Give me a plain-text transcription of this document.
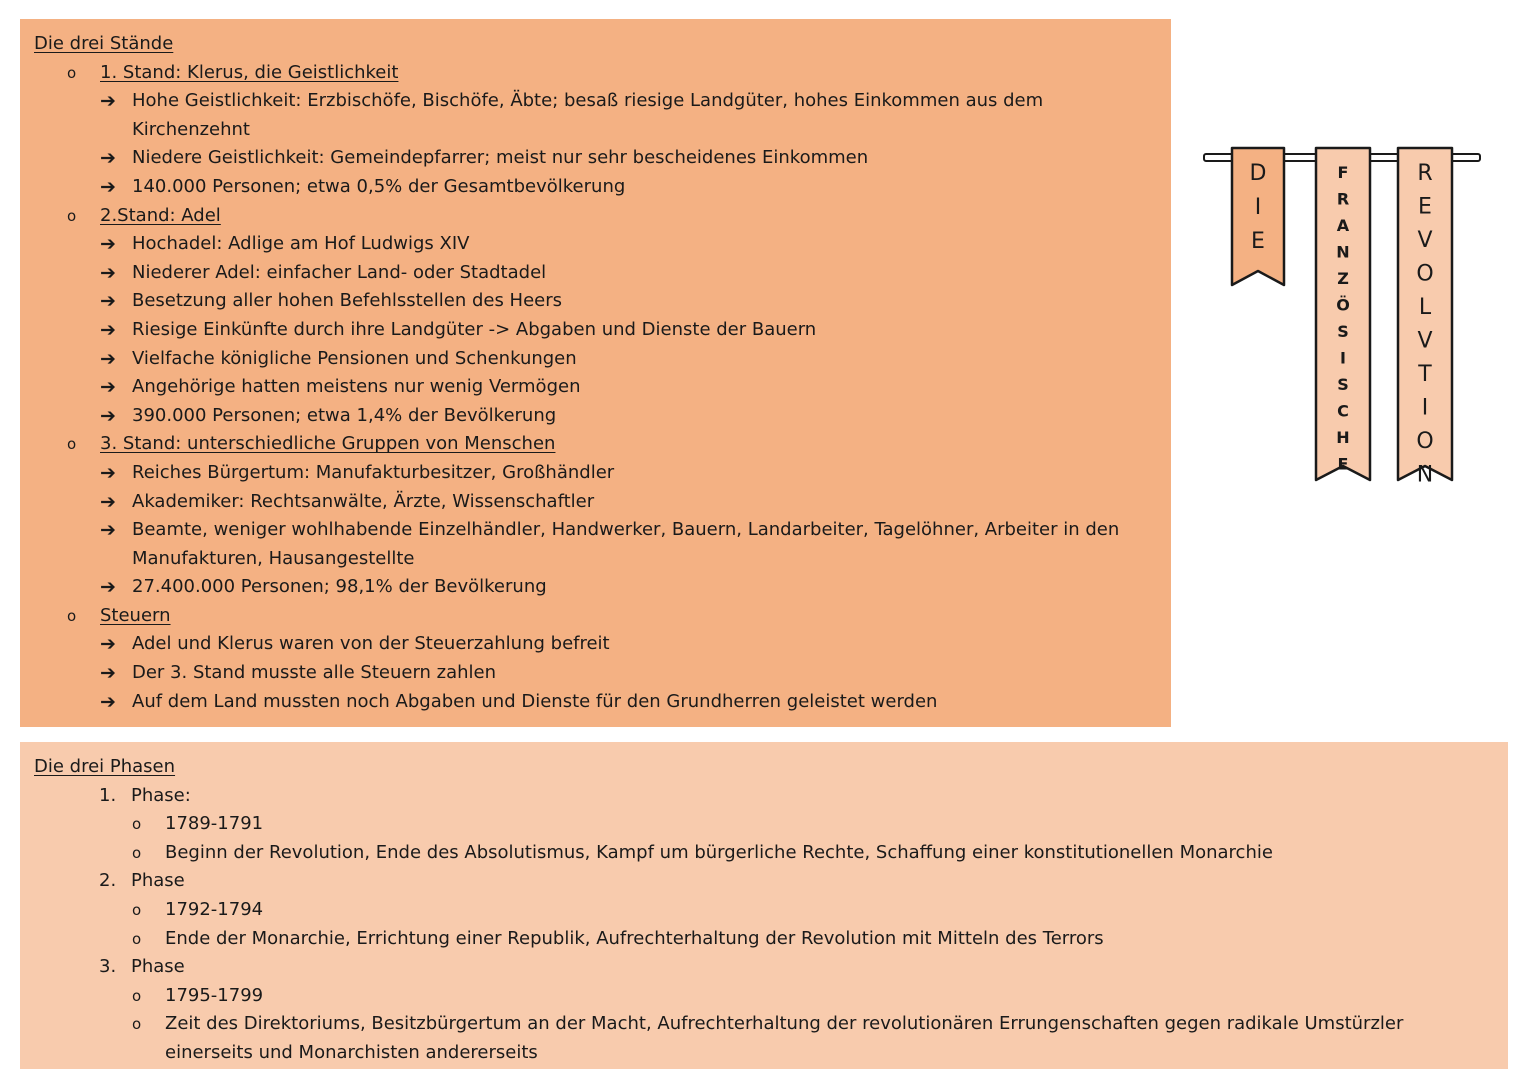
Die drei Stände
o 1. Stand: Klerus, die Geistlichkeit
➔ Hohe Geistlichkeit: Erzbischöfe, Bischöfe, Äbte; besaß riesige Landgüter, hohes Einkommen aus dem
Kirchenzehnt
➔ Niedere Geistlichkeit: Gemeindepfarrer; meist nur sehr bescheidenes Einkommen
➔ 140.000 Personen; etwa 0,5% der Gesamtbevölkerung
o 2.Stand: Adel
➔ Hochadel: Adlige am Hof Ludwigs XIV
➔ Niederer Adel: einfacher Land- oder Stadtadel
➔ Besetzung aller hohen Befehlsstellen des Heers
➔ Riesige Einkünfte durch ihre Landgüter -> Abgaben und Dienste der Bauern
➔ Vielfache königliche Pensionen und Schenkungen
➔ Angehörige hatten meistens nur wenig Vermögen
➔ 390.000 Personen; etwa 1,4% der Bevölkerung
o 3. Stand: unterschiedliche Gruppen von Menschen
➔ Reiches Bürgertum: Manufakturbesitzer, Großhändler
➔ Akademiker: Rechtsanwälte, Ärzte, Wissenschaftler
➔ Beamte, weniger wohlhabende Einzelhändler, Handwerker, Bauern, Landarbeiter, Tagelöhner, Arbeiter in den
Manufakturen, Hausangestellte
➔ 27.400.000 Personen; 98,1% der Bevölkerung
o Steuern
➔ Adel und Klerus waren von der Steuerzahlung befreit
➔ Der 3. Stand musste alle Steuern zahlen
➔ Auf dem Land mussten noch Abgaben und Dienste für den Grundherren geleistet werden
Die drei Phasen
1. Phase:
o 1789-1791
o Beginn der Revolution, Ende des Absolutismus, Kampf um bürgerliche Rechte, Schaffung einer konstitutionellen Monarchie
2. Phase
o 1792-1794
o Ende der Monarchie, Errichtung einer Republik, Aufrechterhaltung der Revolution mit Mitteln des Terrors
3. Phase
o 1795-1799
o Zeit des Direktoriums, Besitzbürgertum an der Macht, Aufrechterhaltung der revolutionären Errungenschaften gegen radikale Umstürzler
einerseits und Monarchisten andererseits
D
I
E
F
R
A
N
Z
Ö
S
I
S
C
H
E
R
E
V
O
L
V
T
I
O
N
